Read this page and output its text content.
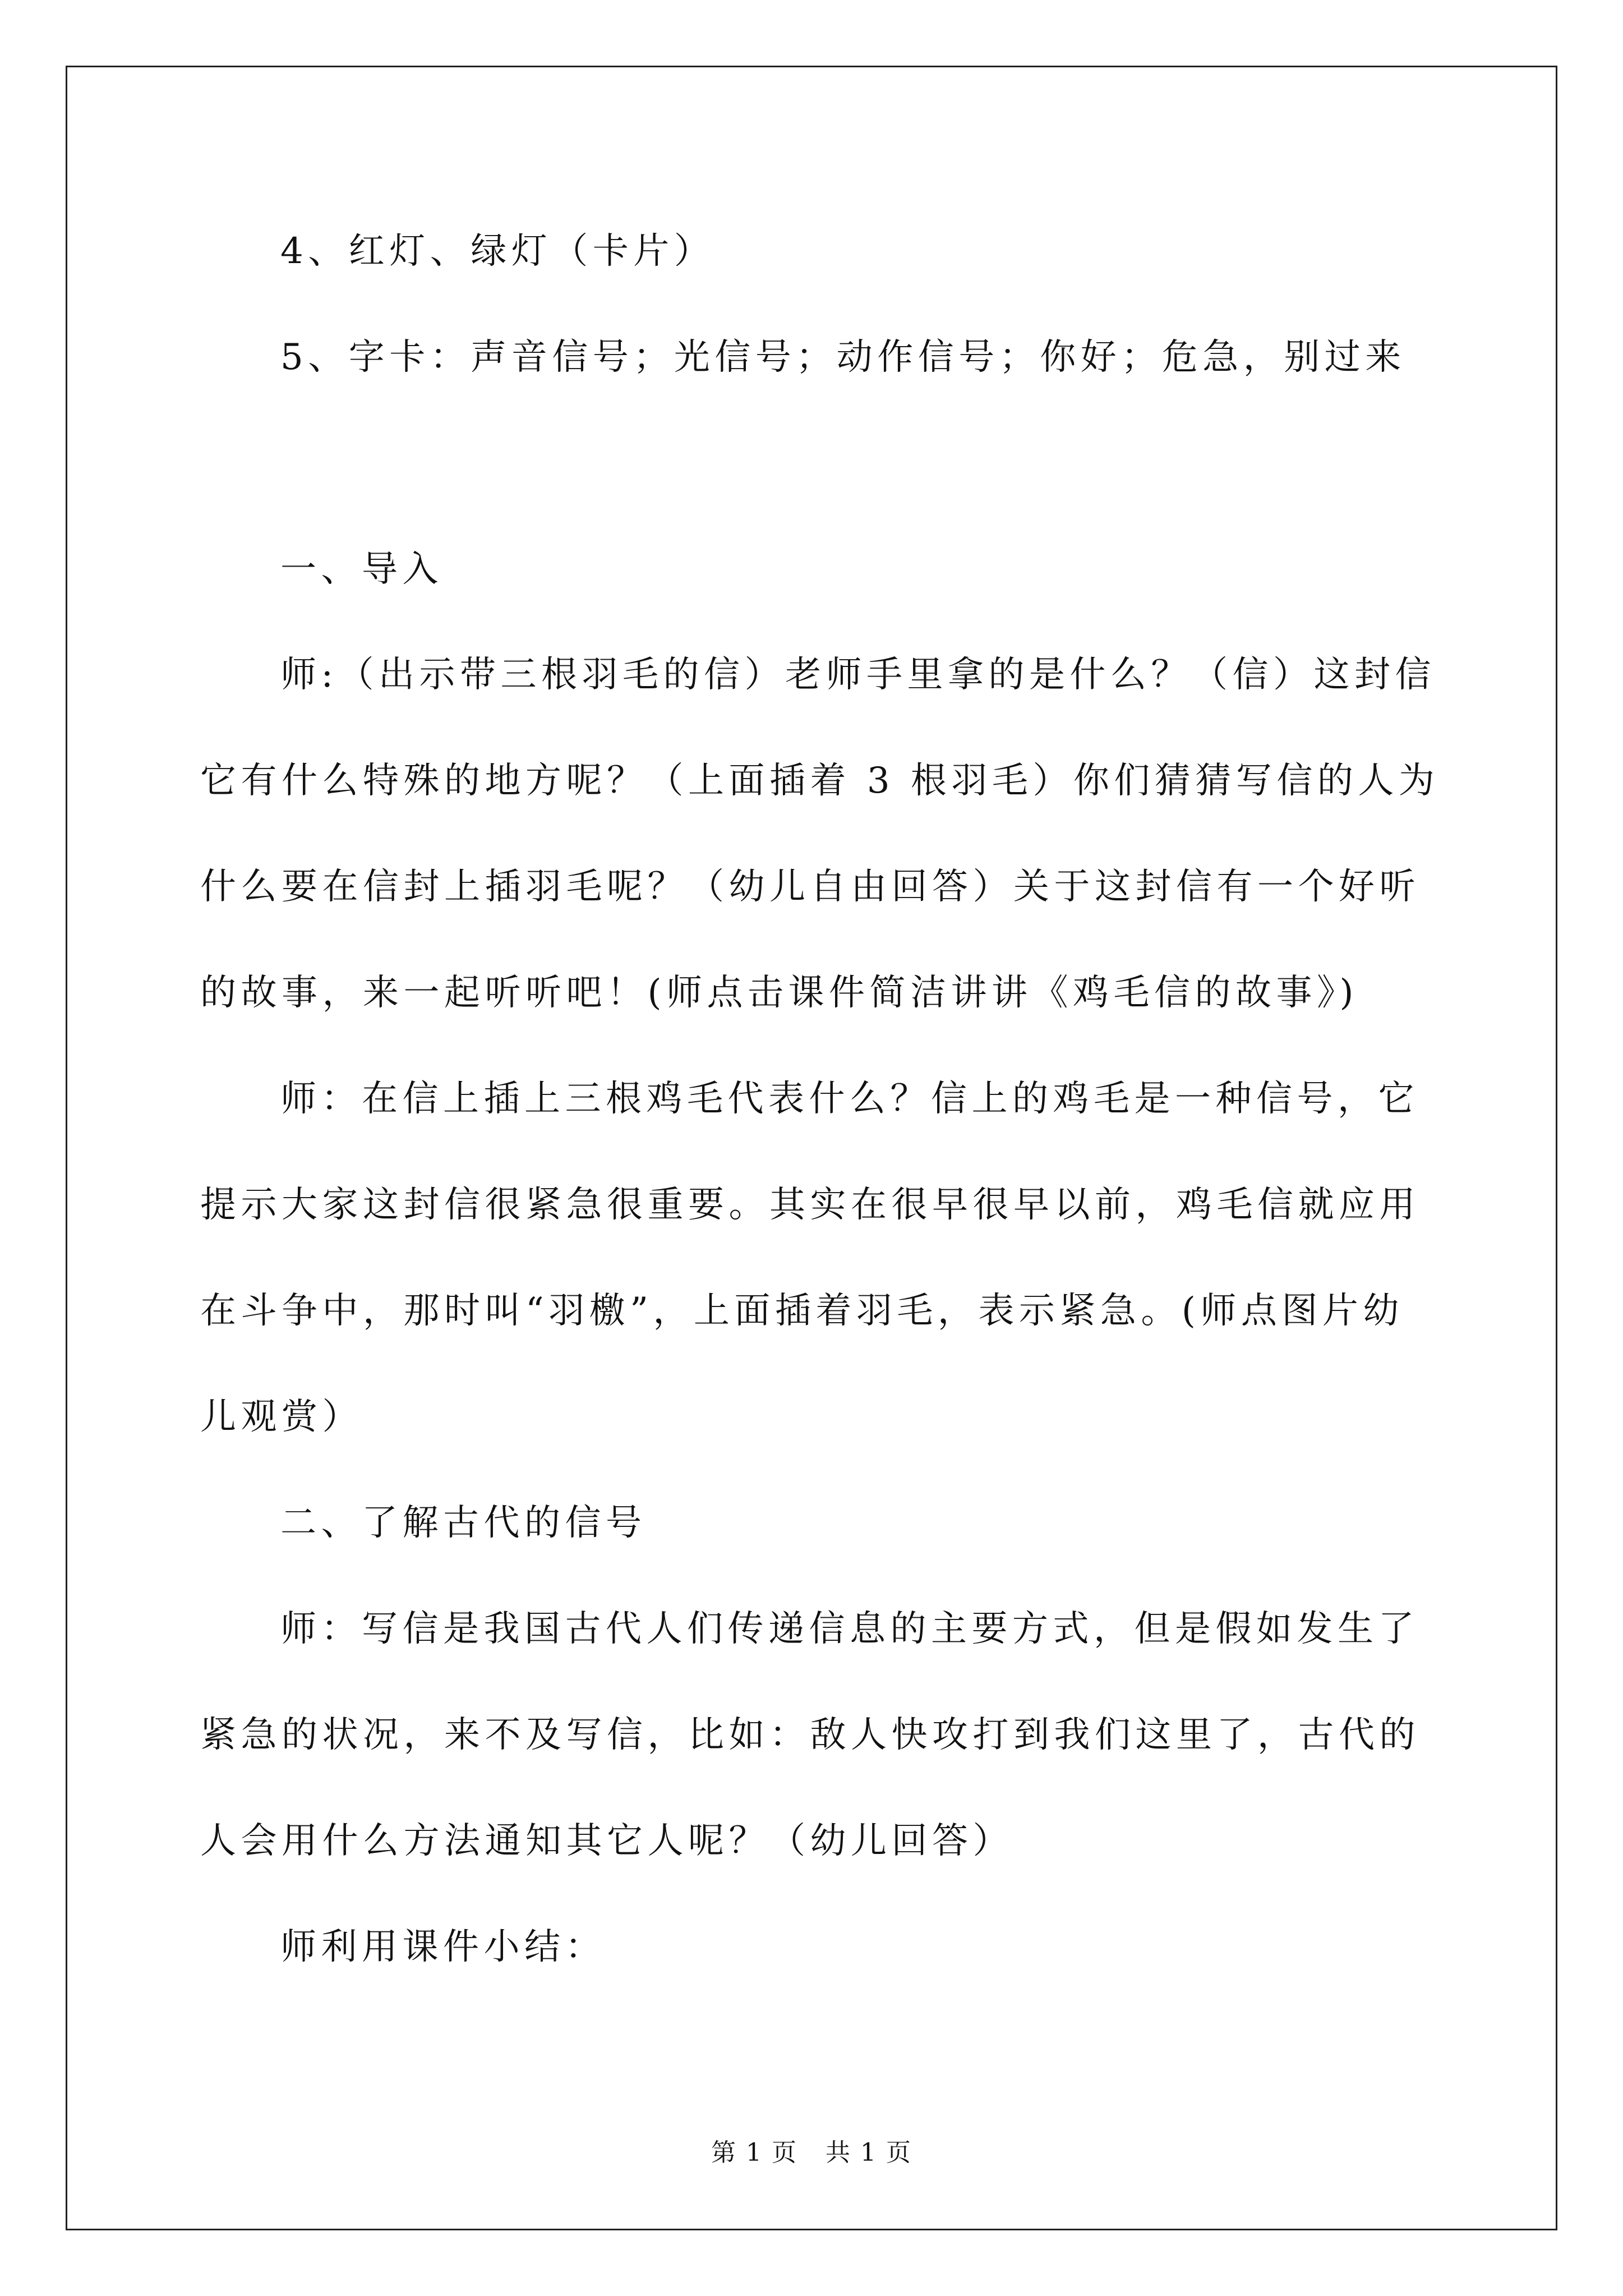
4、红灯、绿灯（卡片）
5、字卡：声音信号；光信号；动作信号；你好；危急，别过来
一、导入
师:（出示带三根羽毛的信）老师手里拿的是什么？（信）这封信
它有什么特殊的地方呢？（上面插着 3 根羽毛）你们猜猜写信的人为
什么要在信封上插羽毛呢？（幼儿自由回答）关于这封信有一个好听
的故事，来一起听听吧！(师点击课件简洁讲讲《鸡毛信的故事》)
师：在信上插上三根鸡毛代表什么？信上的鸡毛是一种信号，它
提示大家这封信很紧急很重要。其实在很早很早以前，鸡毛信就应用
在斗争中，那时叫“羽檄”，上面插着羽毛，表示紧急。(师点图片幼
儿观赏）
二、了解古代的信号
师：写信是我国古代人们传递信息的主要方式，但是假如发生了
紧急的状况，来不及写信，比如：敌人快攻打到我们这里了，古代的
人会用什么方法通知其它人呢？（幼儿回答）
师利用课件小结：
第 1 页 共 1 页
